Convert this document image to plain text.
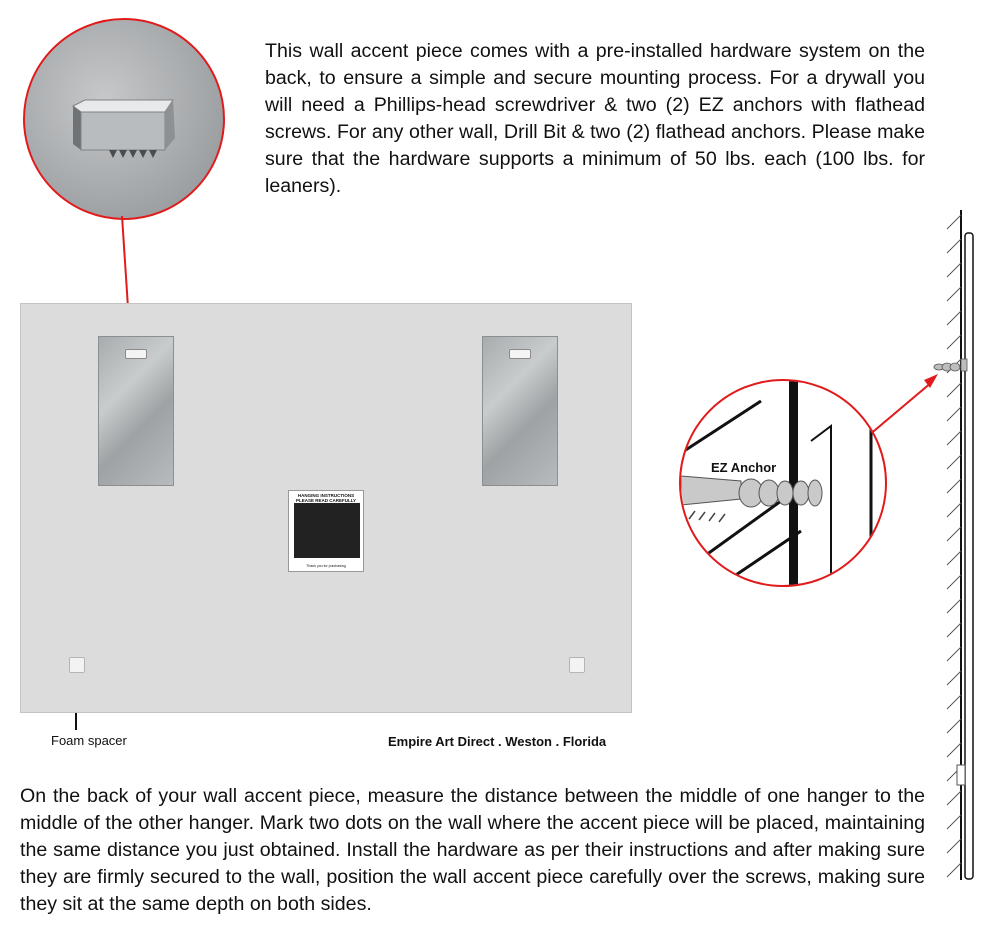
This wall accent piece comes with a pre-installed hardware system on the back, to ensure a simple and secure mounting process. For a drywall you will need a Phillips-head screwdriver & two (2) EZ anchors with flathead screws. For any other wall, Drill Bit & two (2) flathead anchors. Please make sure that the hardware supports a minimum of 50 lbs. each (100 lbs. for leaners).
HANGING INSTRUCTIONS PLEASE READ CAREFULLY
Thank you for purchasing
Foam spacer	Empire Art Direct . Weston . Florida
EZ Anchor
On the back of your wall accent piece, measure the distance between the middle of one hanger to the middle of the other hanger. Mark two dots on the wall where the accent piece will be placed, maintaining the same distance you just obtained. Install the hardware as per their instructions and after making sure they are firmly secured to the wall, position the wall accent piece carefully over the screws, making sure they sit at the same depth on both sides.
